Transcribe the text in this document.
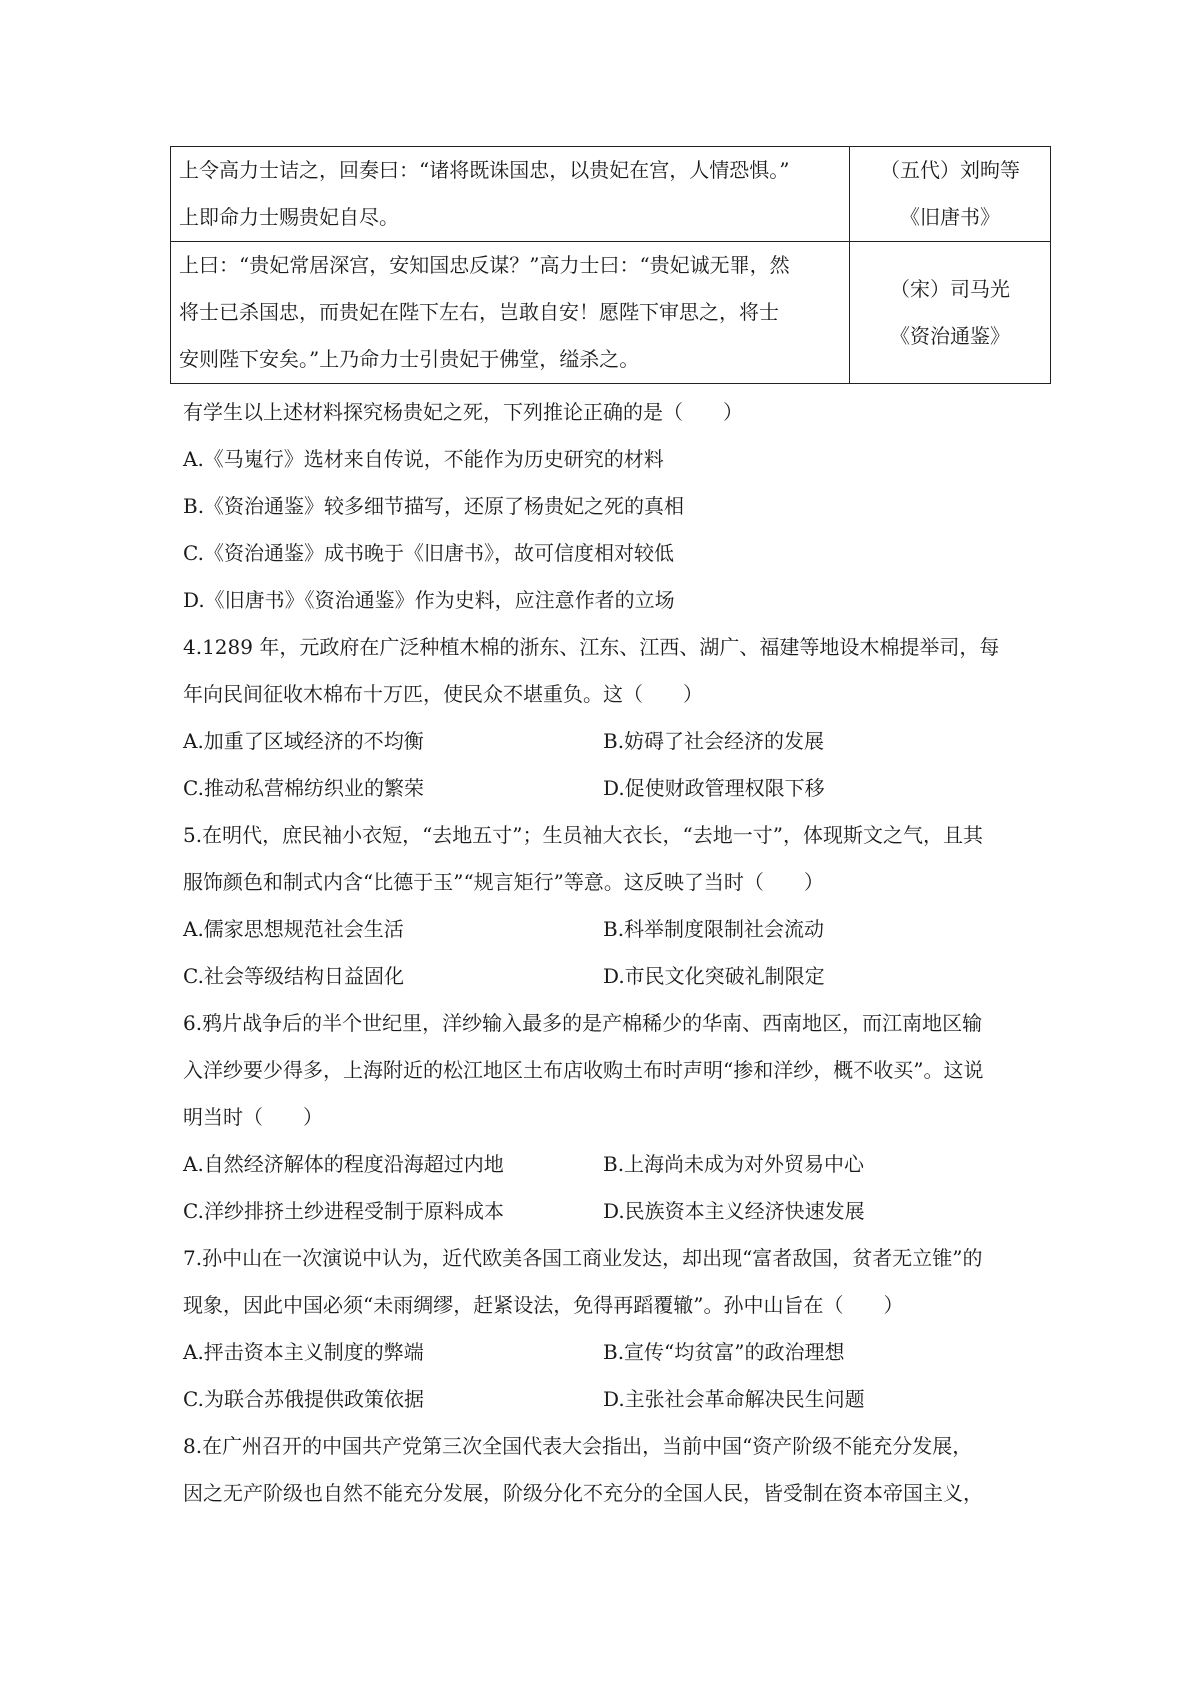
上令高力士诘之，回奏曰：“诸将既诛国忠，以贵妃在宫，人情恐惧。”
上即命力士赐贵妃自尽。	（五代）刘昫等
《旧唐书》

上曰：“贵妃常居深宫，安知国忠反谋？”高力士曰：“贵妃诚无罪，然
将士已杀国忠，而贵妃在陛下左右，岂敢自安！愿陛下审思之，将士
安则陛下安矣。”上乃命力士引贵妃于佛堂，缢杀之。	（宋）司马光
《资治通鉴》
有学生以上述材料探究杨贵妃之死，下列推论正确的是（　　）
A.《马嵬行》选材来自传说，不能作为历史研究的材料
B.《资治通鉴》较多细节描写，还原了杨贵妃之死的真相
C.《资治通鉴》成书晚于《旧唐书》，故可信度相对较低
D.《旧唐书》《资治通鉴》作为史料，应注意作者的立场
4.1289 年，元政府在广泛种植木棉的浙东、江东、江西、湖广、福建等地设木棉提举司，每
年向民间征收木棉布十万匹，使民众不堪重负。这（　　）
A.加重了区域经济的不均衡	B.妨碍了社会经济的发展
C.推动私营棉纺织业的繁荣	D.促使财政管理权限下移
5.在明代，庶民袖小衣短，“去地五寸”；生员袖大衣长，“去地一寸”，体现斯文之气，且其
服饰颜色和制式内含“比德于玉”“规言矩行”等意。这反映了当时（　　）
A.儒家思想规范社会生活	B.科举制度限制社会流动
C.社会等级结构日益固化	D.市民文化突破礼制限定
6.鸦片战争后的半个世纪里，洋纱输入最多的是产棉稀少的华南、西南地区，而江南地区输
入洋纱要少得多，上海附近的松江地区土布店收购土布时声明“掺和洋纱，概不收买”。这说
明当时（　　）
A.自然经济解体的程度沿海超过内地	B.上海尚未成为对外贸易中心
C.洋纱排挤土纱进程受制于原料成本	D.民族资本主义经济快速发展
7.孙中山在一次演说中认为，近代欧美各国工商业发达，却出现“富者敌国，贫者无立锥”的
现象，因此中国必须“未雨绸缪，赶紧设法，免得再蹈覆辙”。孙中山旨在（　　）
A.抨击资本主义制度的弊端	B.宣传“均贫富”的政治理想
C.为联合苏俄提供政策依据	D.主张社会革命解决民生问题
8.在广州召开的中国共产党第三次全国代表大会指出，当前中国“资产阶级不能充分发展，
因之无产阶级也自然不能充分发展，阶级分化不充分的全国人民，皆受制在资本帝国主义，
